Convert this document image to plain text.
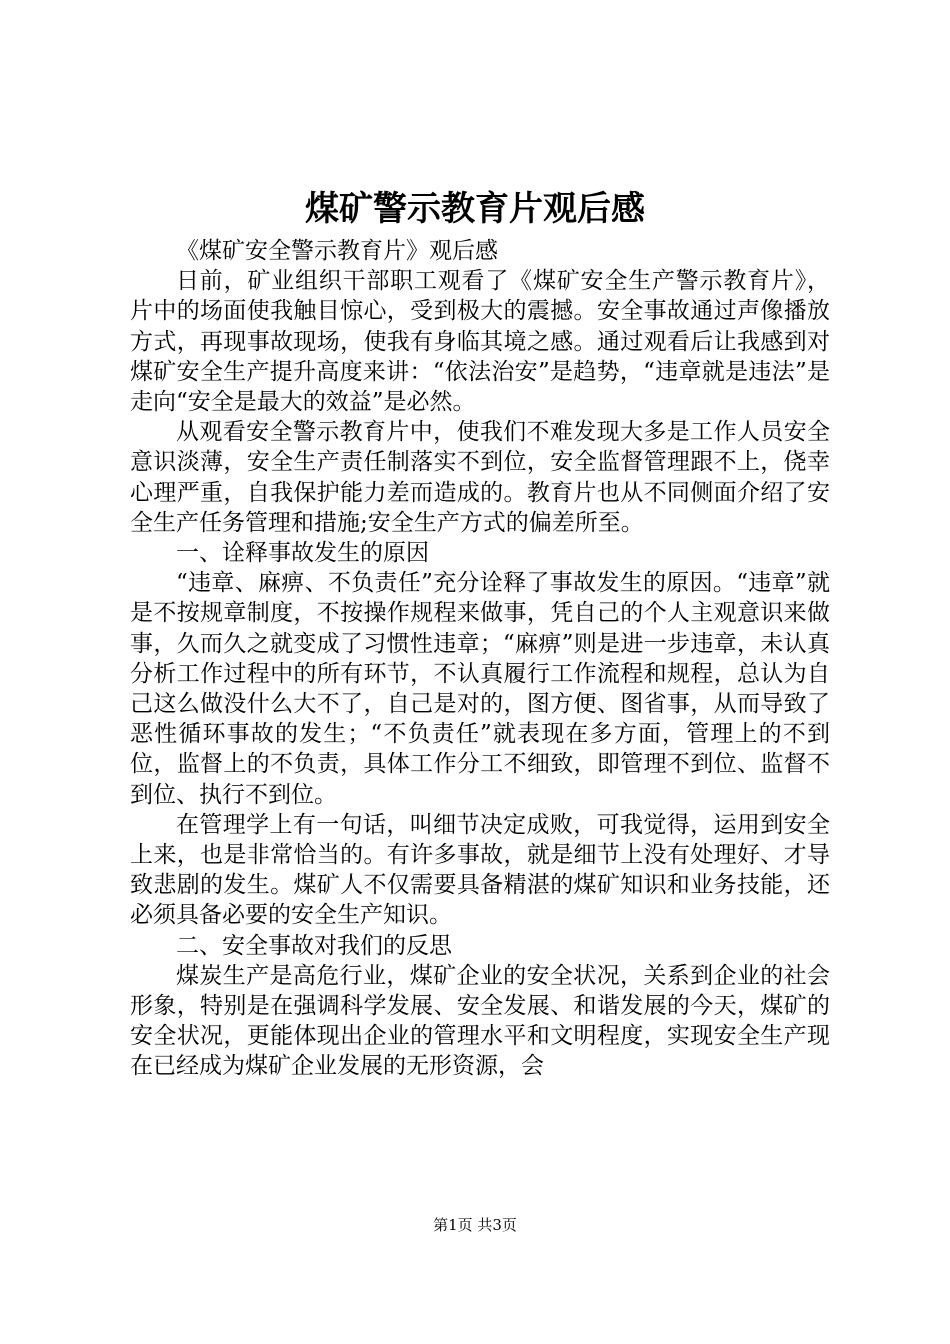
煤矿警示教育片观后感

《煤矿安全警示教育片》观后感

日前，矿业组织干部职工观看了《煤矿安全生产警示教育片》，片中的场面使我触目惊心，受到极大的震撼。安全事故通过声像播放方式，再现事故现场，使我有身临其境之感。通过观看后让我感到对煤矿安全生产提升高度来讲：“依法治安”是趋势，“违章就是违法”是走向“安全是最大的效益”是必然。

从观看安全警示教育片中，使我们不难发现大多是工作人员安全意识淡薄，安全生产责任制落实不到位，安全监督管理跟不上，侥幸心理严重，自我保护能力差而造成的。教育片也从不同侧面介绍了安全生产任务管理和措施;安全生产方式的偏差所至。

一、诠释事故发生的原因

“违章、麻痹、不负责任”充分诠释了事故发生的原因。“违章”就是不按规章制度，不按操作规程来做事，凭自己的个人主观意识来做事，久而久之就变成了习惯性违章；“麻痹”则是进一步违章，未认真分析工作过程中的所有环节，不认真履行工作流程和规程，总认为自己这么做没什么大不了，自己是对的，图方便、图省事，从而导致了恶性循环事故的发生；“不负责任”就表现在多方面，管理上的不到位，监督上的不负责，具体工作分工不细致，即管理不到位、监督不到位、执行不到位。

在管理学上有一句话，叫细节决定成败，可我觉得，运用到安全上来，也是非常恰当的。有许多事故，就是细节上没有处理好、才导致悲剧的发生。煤矿人不仅需要具备精湛的煤矿知识和业务技能，还必须具备必要的安全生产知识。

二、安全事故对我们的反思

煤炭生产是高危行业，煤矿企业的安全状况，关系到企业的社会形象，特别是在强调科学发展、安全发展、和谐发展的今天，煤矿的安全状况，更能体现出企业的管理水平和文明程度，实现安全生产现在已经成为煤矿企业发展的无形资源，会

第1页 共3页
